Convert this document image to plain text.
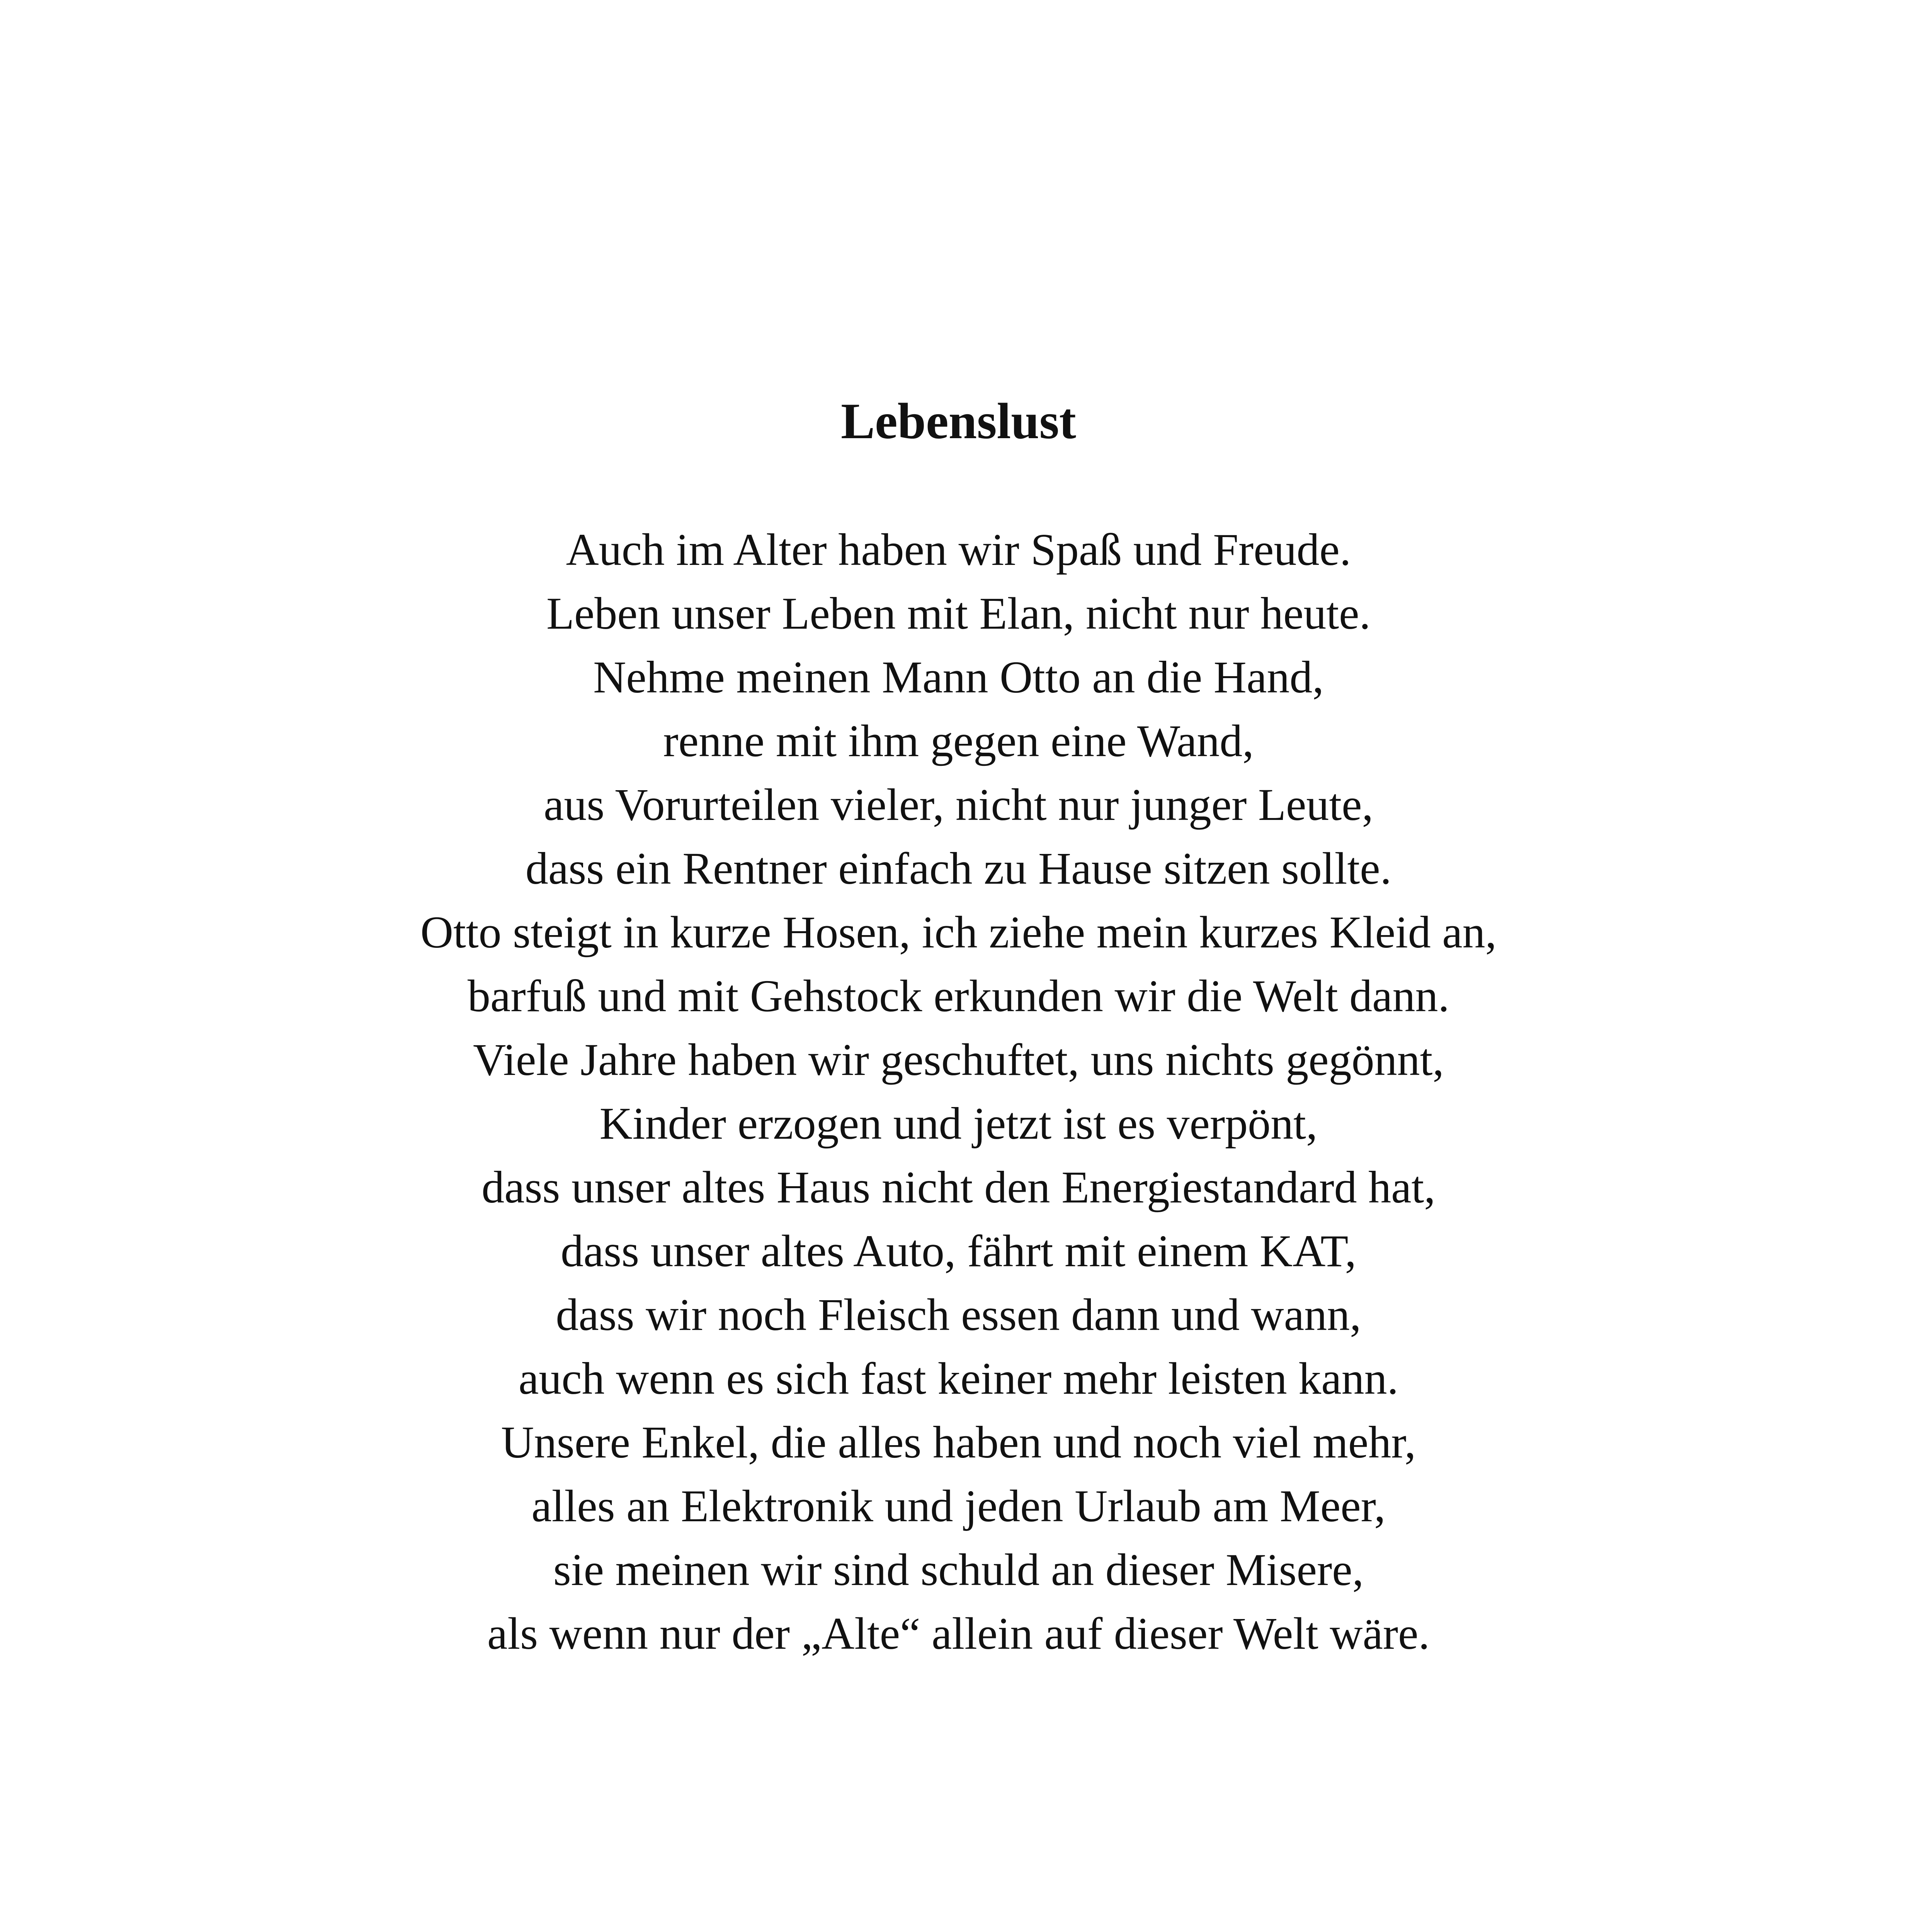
Lebenslust
Auch im Alter haben wir Spaß und Freude.
Leben unser Leben mit Elan, nicht nur heute.
Nehme meinen Mann Otto an die Hand,
renne mit ihm gegen eine Wand,
aus Vorurteilen vieler, nicht nur junger Leute,
dass ein Rentner einfach zu Hause sitzen sollte.
Otto steigt in kurze Hosen, ich ziehe mein kurzes Kleid an,
barfuß und mit Gehstock erkunden wir die Welt dann.
Viele Jahre haben wir geschuftet, uns nichts gegönnt,
Kinder erzogen und jetzt ist es verpönt,
dass unser altes Haus nicht den Energiestandard hat,
dass unser altes Auto, fährt mit einem KAT,
dass wir noch Fleisch essen dann und wann,
auch wenn es sich fast keiner mehr leisten kann.
Unsere Enkel, die alles haben und noch viel mehr,
alles an Elektronik und jeden Urlaub am Meer,
sie meinen wir sind schuld an dieser Misere,
als wenn nur der „Alte“ allein auf dieser Welt wäre.
